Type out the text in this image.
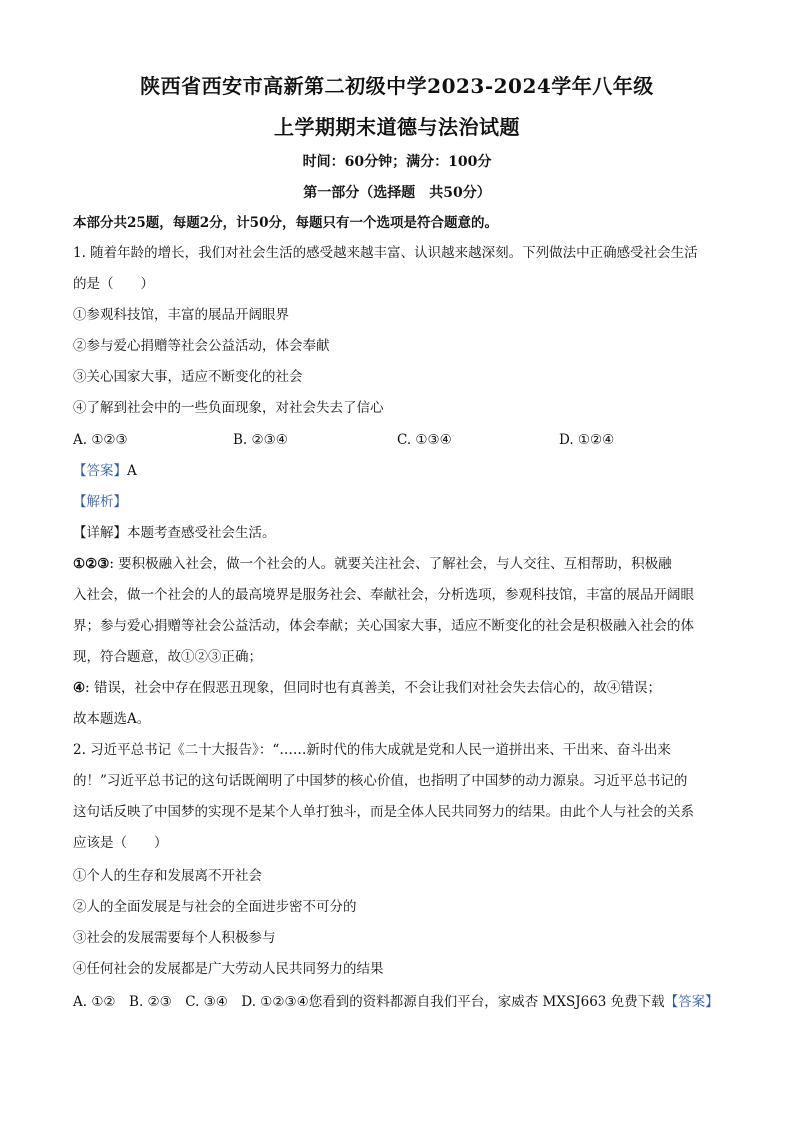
陕西省西安市高新第二初级中学2023-2024学年八年级
上学期期末道德与法治试题
时间：60分钟；满分：100分
第一部分（选择题　共50分）
本部分共25题，每题2分，计50分，每题只有一个选项是符合题意的。
1. 随着年龄的增长，我们对社会生活的感受越来越丰富、认识越来越深刻。下列做法中正确感受社会生活
的是（　　）
①参观科技馆，丰富的展品开阔眼界
②参与爱心捐赠等社会公益活动，体会奉献
③关心国家大事，适应不断变化的社会
④了解到社会中的一些负面现象，对社会失去了信心
A. ①②③	B. ②③④	C. ①③④	D. ①②④
【答案】A
【解析】
【详解】本题考查感受社会生活。
①②③: 要积极融入社会，做一个社会的人。就要关注社会、了解社会，与人交往、互相帮助，积极融
入社会，做一个社会的人的最高境界是服务社会、奉献社会，分析选项，参观科技馆，丰富的展品开阔眼
界；参与爱心捐赠等社会公益活动，体会奉献；关心国家大事，适应不断变化的社会是积极融入社会的体
现，符合题意，故①②③正确；
④: 错误，社会中存在假恶丑现象，但同时也有真善美，不会让我们对社会失去信心的，故④错误；
故本题选A。
2. 习近平总书记《二十大报告》：“……新时代的伟大成就是党和人民一道拼出来、干出来、奋斗出来
的！”习近平总书记的这句话既阐明了中国梦的核心价值，也指明了中国梦的动力源泉。习近平总书记的
这句话反映了中国梦的实现不是某个人单打独斗，而是全体人民共同努力的结果。由此个人与社会的关系
应该是（　　）
①个人的生存和发展离不开社会
②人的全面发展是与社会的全面进步密不可分的
③社会的发展需要每个人积极参与
④任何社会的发展都是广大劳动人民共同努力的结果
A. ①②　B. ②③　C. ③④　D. ①②③④您看到的资料都源自我们平台，家威杏 MXSJ663 免费下载【答案】
